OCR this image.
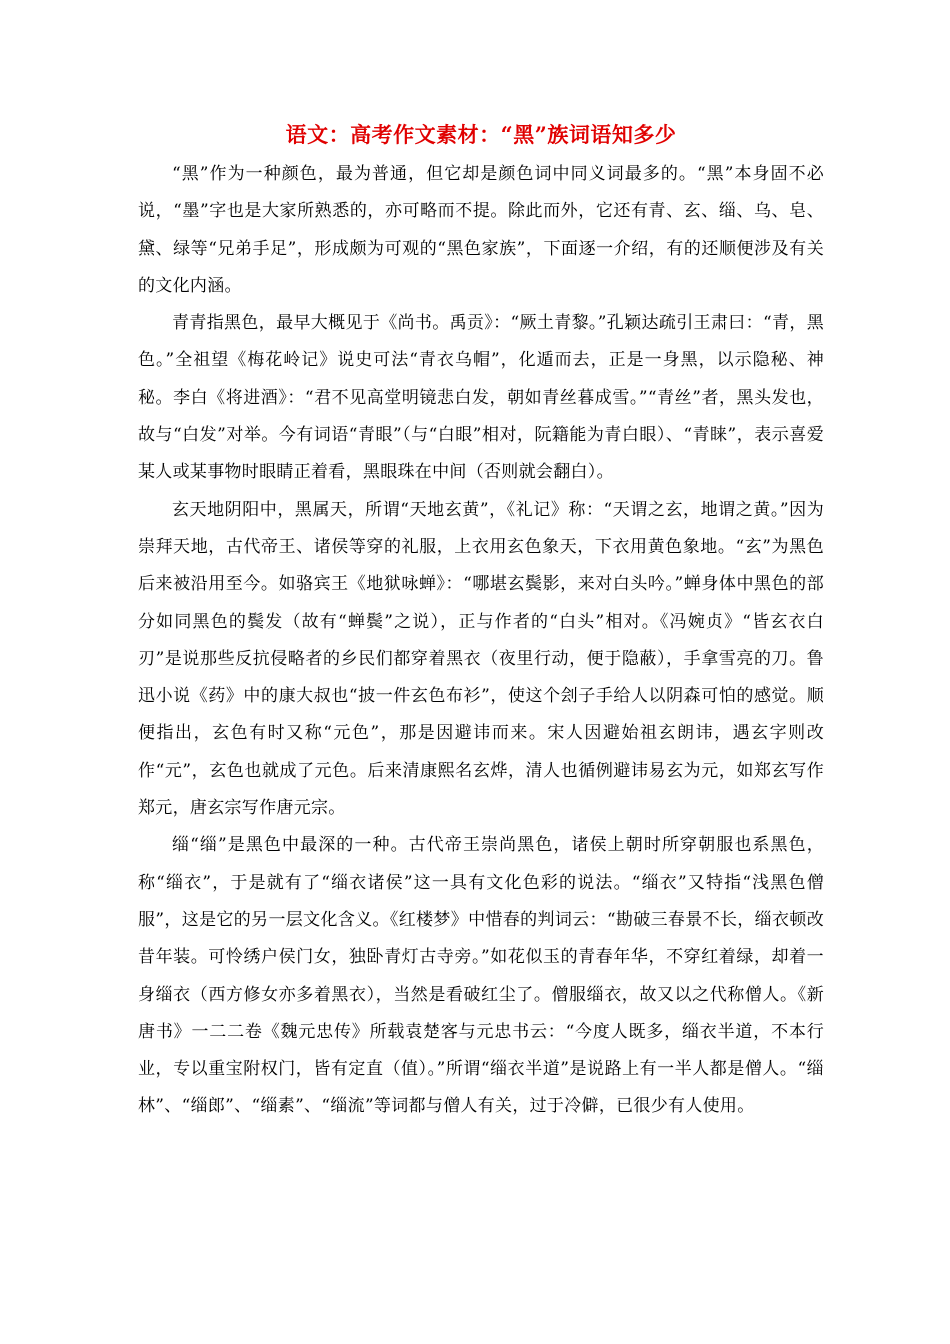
语文：高考作文素材：“黑”族词语知多少

“黑”作为一种颜色，最为普通，但它却是颜色词中同义词最多的。“黑”本身固不必说，“墨”字也是大家所熟悉的，亦可略而不提。除此而外，它还有青、玄、缁、乌、皂、黛、绿等“兄弟手足”，形成颇为可观的“黑色家族”，下面逐一介绍，有的还顺便涉及有关的文化内涵。

青青指黑色，最早大概见于《尚书。禹贡》：“厥土青黎。”孔颖达疏引王肃曰：“青，黑色。”全祖望《梅花岭记》说史可法“青衣乌帽”，化遁而去，正是一身黑，以示隐秘、神秘。李白《将进酒》：“君不见高堂明镜悲白发，朝如青丝暮成雪。”“青丝”者，黑头发也，故与“白发”对举。今有词语“青眼”（与“白眼”相对，阮籍能为青白眼）、“青睐”，表示喜爱某人或某事物时眼睛正着看，黑眼珠在中间（否则就会翻白）。

玄天地阴阳中，黑属天，所谓“天地玄黄”，《礼记》称：“天谓之玄，地谓之黄。”因为崇拜天地，古代帝王、诸侯等穿的礼服，上衣用玄色象天，下衣用黄色象地。“玄”为黑色后来被沿用至今。如骆宾王《地狱咏蝉》：“哪堪玄鬓影，来对白头吟。”蝉身体中黑色的部分如同黑色的鬓发（故有“蝉鬓”之说），正与作者的“白头”相对。《冯婉贞》“皆玄衣白刃”是说那些反抗侵略者的乡民们都穿着黑衣（夜里行动，便于隐蔽），手拿雪亮的刀。鲁迅小说《药》中的康大叔也“披一件玄色布衫”，使这个刽子手给人以阴森可怕的感觉。顺便指出，玄色有时又称“元色”，那是因避讳而来。宋人因避始祖玄朗讳，遇玄字则改作“元”，玄色也就成了元色。后来清康熙名玄烨，清人也循例避讳易玄为元，如郑玄写作郑元，唐玄宗写作唐元宗。

缁“缁”是黑色中最深的一种。古代帝王崇尚黑色，诸侯上朝时所穿朝服也系黑色，称“缁衣”，于是就有了“缁衣诸侯”这一具有文化色彩的说法。“缁衣”又特指“浅黑色僧服”，这是它的另一层文化含义。《红楼梦》中惜春的判词云：“勘破三春景不长，缁衣顿改昔年装。可怜绣户侯门女，独卧青灯古寺旁。”如花似玉的青春年华，不穿红着绿，却着一身缁衣（西方修女亦多着黑衣），当然是看破红尘了。僧服缁衣，故又以之代称僧人。《新唐书》一二二卷《魏元忠传》所载袁楚客与元忠书云：“今度人既多，缁衣半道，不本行业，专以重宝附权门，皆有定直（值）。”所谓“缁衣半道”是说路上有一半人都是僧人。“缁林”、“缁郎”、“缁素”、“缁流”等词都与僧人有关，过于冷僻，已很少有人使用。
